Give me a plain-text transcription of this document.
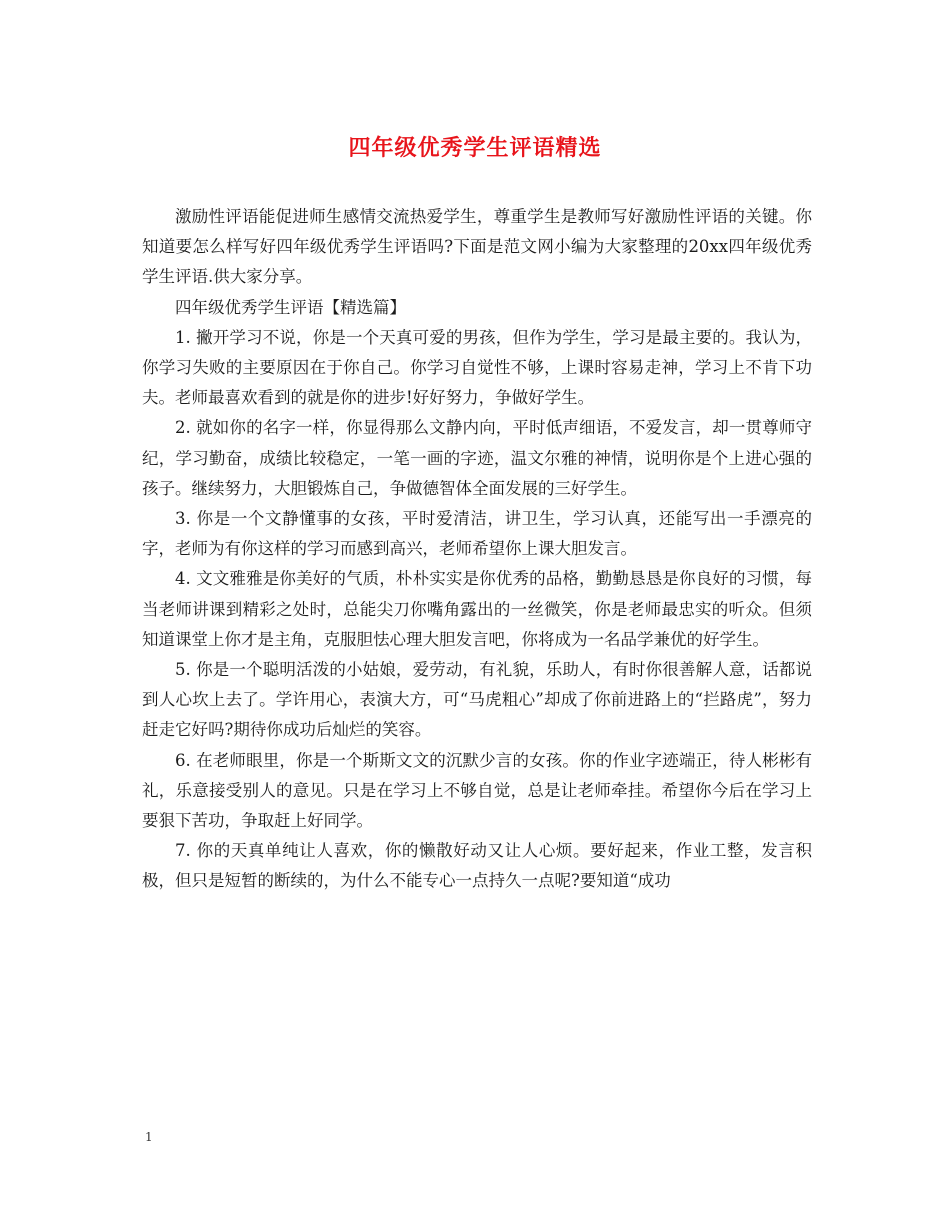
四年级优秀学生评语精选

激励性评语能促进师生感情交流热爱学生，尊重学生是教师写好激励性评语的关键。你知道要怎么样写好四年级优秀学生评语吗?下面是范文网小编为大家整理的20xx四年级优秀学生评语.供大家分享。

四年级优秀学生评语【精选篇】

1. 撇开学习不说，你是一个天真可爱的男孩，但作为学生，学习是最主要的。我认为，你学习失败的主要原因在于你自己。你学习自觉性不够，上课时容易走神，学习上不肯下功夫。老师最喜欢看到的就是你的进步!好好努力，争做好学生。

2. 就如你的名字一样，你显得那么文静内向，平时低声细语，不爱发言，却一贯尊师守纪，学习勤奋，成绩比较稳定，一笔一画的字迹，温文尔雅的神情，说明你是个上进心强的孩子。继续努力，大胆锻炼自己，争做德智体全面发展的三好学生。

3. 你是一个文静懂事的女孩，平时爱清洁，讲卫生，学习认真，还能写出一手漂亮的字，老师为有你这样的学习而感到高兴，老师希望你上课大胆发言。

4. 文文雅雅是你美好的气质，朴朴实实是你优秀的品格，勤勤恳恳是你良好的习惯，每当老师讲课到精彩之处时，总能尖刀你嘴角露出的一丝微笑，你是老师最忠实的听众。但须知道课堂上你才是主角，克服胆怯心理大胆发言吧，你将成为一名品学兼优的好学生。

5. 你是一个聪明活泼的小姑娘，爱劳动，有礼貌，乐助人，有时你很善解人意，话都说到人心坎上去了。学许用心，表演大方，可“马虎粗心”却成了你前进路上的“拦路虎”，努力赶走它好吗?期待你成功后灿烂的笑容。

6. 在老师眼里，你是一个斯斯文文的沉默少言的女孩。你的作业字迹端正，待人彬彬有礼，乐意接受别人的意见。只是在学习上不够自觉，总是让老师牵挂。希望你今后在学习上要狠下苦功，争取赶上好同学。

7. 你的天真单纯让人喜欢，你的懒散好动又让人心烦。要好起来，作业工整，发言积极，但只是短暂的断续的，为什么不能专心一点持久一点呢?要知道“成功

1
